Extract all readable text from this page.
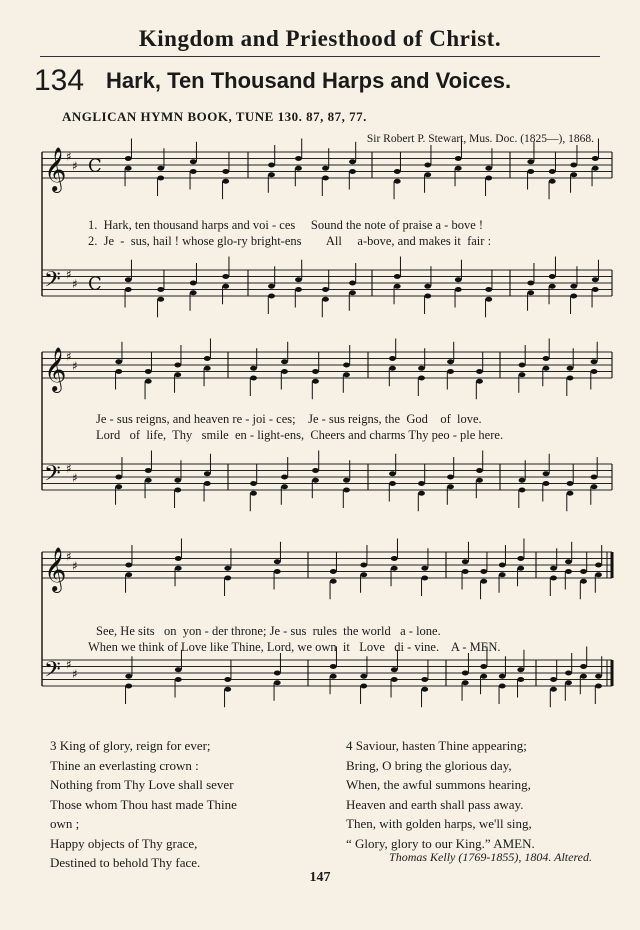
Kingdom and Priesthood of Christ.
134 Hark, Ten Thousand Harps and Voices.
ANGLICAN HYMN BOOK, TUNE 130. 87, 87, 77.
Sir Robert P. Stewart, Mus. Doc. (1825—), 1868.
𝄞 ♯
♯ C
𝄢 ♯
♯ C
𝄞 ♯
♯
𝄢 ♯
♯
𝄞 ♯
♯
𝄢 ♯
♯
1.  Hark, ten thousand harps and voi - ces     Sound the note of praise a - bove !
2.  Je  -  sus, hail ! whose glo-ry bright-ens        All     a-bove, and makes it  fair :
Je - sus reigns, and heaven re - joi - ces;    Je - sus reigns, the  God    of  love.
Lord   of  life,  Thy   smile  en - light-ens,  Cheers and charms Thy peo - ple here.
See, He sits   on  yon - der throne; Je - sus  rules  the world   a - lone.
When we think of Love like Thine, Lord, we own  it   Love   di - vine.    A - MEN.
3 King of glory, reign for ever;
Thine an everlasting crown :
Nothing from Thy Love shall sever
Those whom Thou hast made Thine
own ;
Happy objects of Thy grace,
Destined to behold Thy face.
4 Saviour, hasten Thine appearing;
Bring, O bring the glorious day,
When, the awful summons hearing,
Heaven and earth shall pass away.
Then, with golden harps, we'll sing,
“ Glory, glory to our King.” AMEN.
Thomas Kelly (1769-1855), 1804. Altered.
147
